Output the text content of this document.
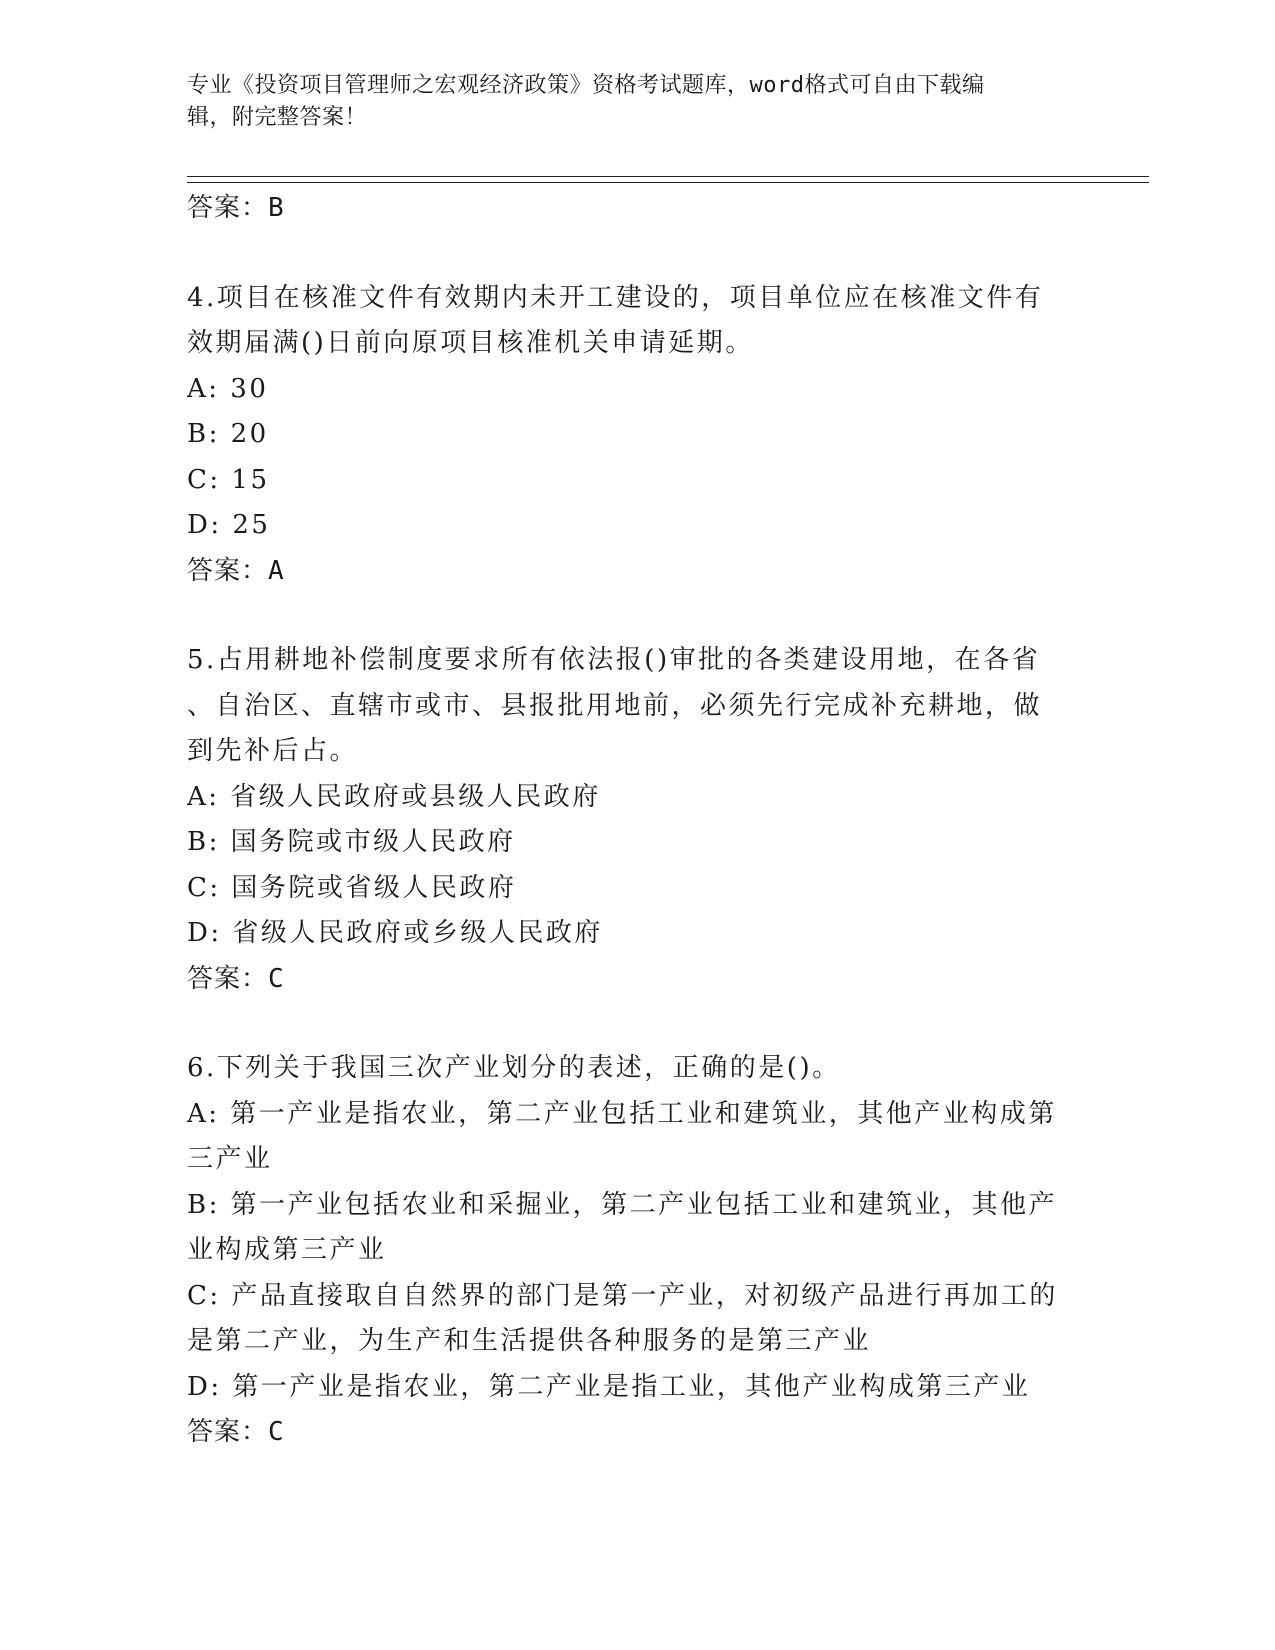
专业《投资项目管理师之宏观经济政策》资格考试题库，word格式可自由下载编
辑，附完整答案！
答案：B
4.项目在核准文件有效期内未开工建设的，项目单位应在核准文件有
效期届满()日前向原项目核准机关申请延期。
A: 30
B: 20
C: 15
D: 25
答案：A
5.占用耕地补偿制度要求所有依法报()审批的各类建设用地，在各省
、自治区、直辖市或市、县报批用地前，必须先行完成补充耕地，做
到先补后占。
A: 省级人民政府或县级人民政府
B: 国务院或市级人民政府
C: 国务院或省级人民政府
D: 省级人民政府或乡级人民政府
答案：C
6.下列关于我国三次产业划分的表述，正确的是()。
A: 第一产业是指农业，第二产业包括工业和建筑业，其他产业构成第
三产业
B: 第一产业包括农业和采掘业，第二产业包括工业和建筑业，其他产
业构成第三产业
C: 产品直接取自自然界的部门是第一产业，对初级产品进行再加工的
是第二产业，为生产和生活提供各种服务的是第三产业
D: 第一产业是指农业，第二产业是指工业，其他产业构成第三产业
答案：C
